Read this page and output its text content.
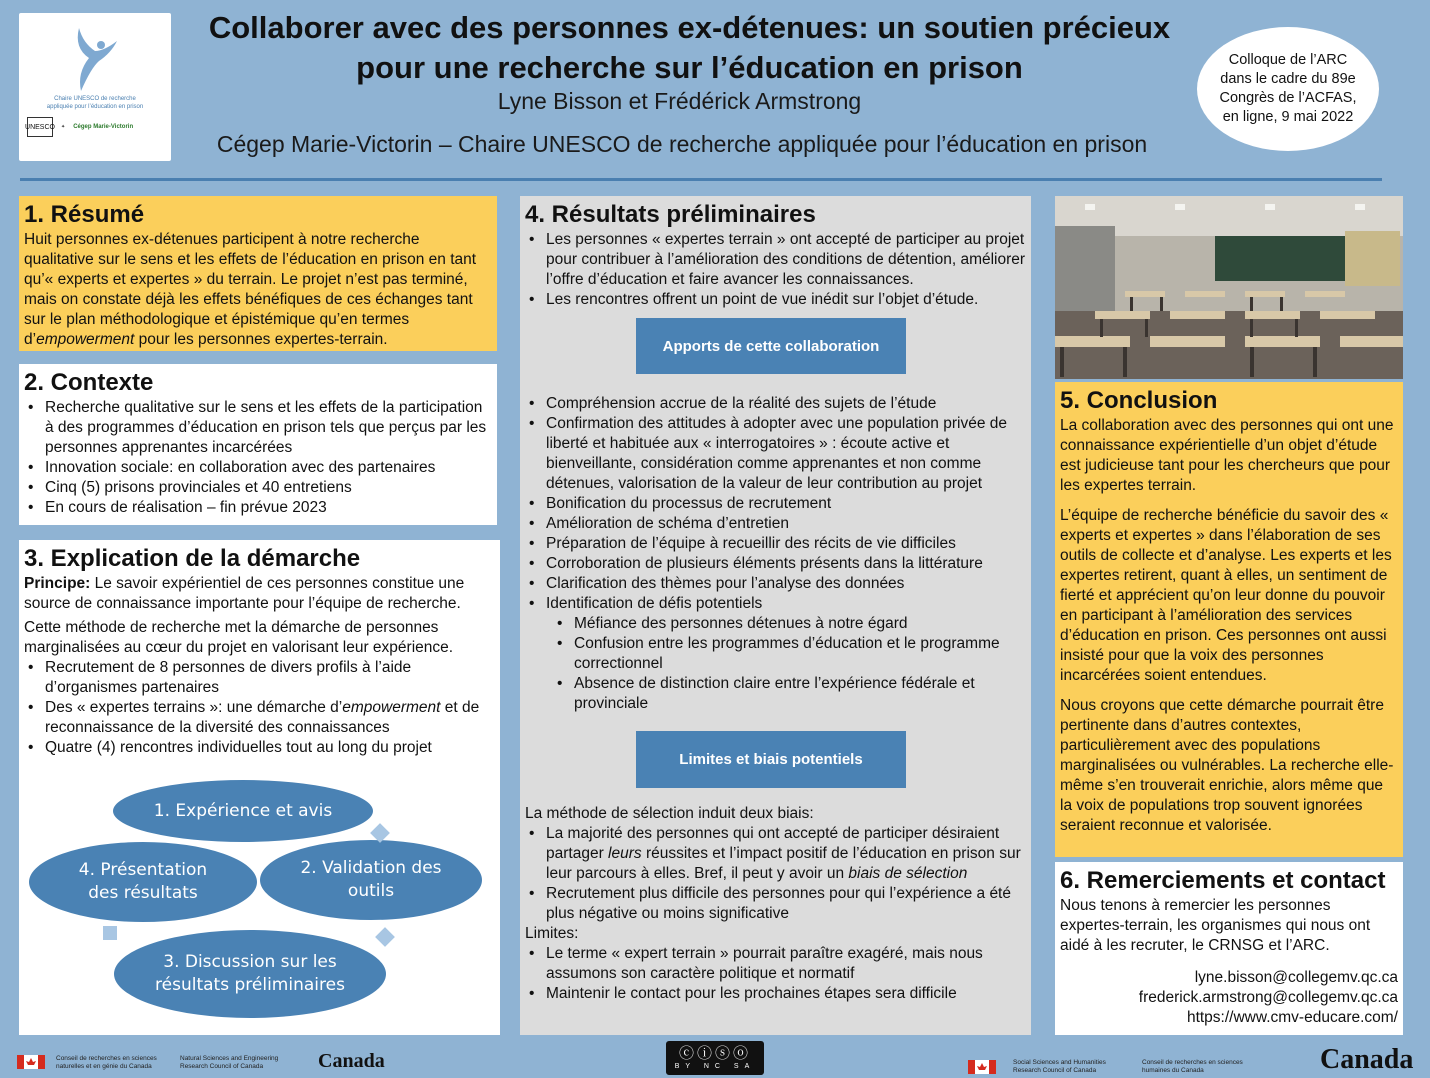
Chaire UNESCO de recherche
appliquée pour l’éducation en prison
UNESCO ✦ Cégep Marie-Victorin
Collaborer avec des personnes ex-détenues: un soutien précieux
pour une recherche sur l’éducation en prison
Lyne Bisson et Frédérick Armstrong
Cégep Marie-Victorin – Chaire UNESCO de recherche appliquée pour l’éducation en prison
Colloque de l’ARC dans le cadre du 89e Congrès de l’ACFAS, en ligne, 9 mai 2022
1. Résumé

Huit personnes ex-détenues participent à notre recherche qualitative sur le sens et les effets de l’éducation en prison en tant qu’« experts et expertes » du terrain. Le projet n’est pas terminé, mais on constate déjà les effets bénéfiques de ces échanges tant sur le plan méthodologique et épistémique qu’en termes d’empowerment pour les personnes expertes-terrain.

2. Contexte
• Recherche qualitative sur le sens et les effets de la participation à des programmes d’éducation en prison tels que perçus par les personnes apprenantes incarcérées
• Innovation sociale: en collaboration avec des partenaires
• Cinq (5) prisons provinciales et 40 entretiens
• En cours de réalisation – fin prévue 2023
3. Explication de la démarche

Principe: Le savoir expérientiel de ces personnes constitue une source de connaissance importante pour l’équipe de recherche.

Cette méthode de recherche met la démarche de personnes marginalisées au cœur du projet en valorisant leur expérience.

• Recrutement de 8 personnes de divers profils à l’aide d’organismes partenaires
• Des « expertes terrains »: une démarche d’empowerment et de reconnaissance de la diversité des connaissances
• Quatre (4) rencontres individuelles tout au long du projet
1. Expérience et avis
2. Validation des outils
3. Discussion sur les résultats préliminaires
4. Présentation des résultats
4. Résultats préliminaires
• Les personnes « expertes terrain » ont accepté de participer au projet pour contribuer à l’amélioration des conditions de détention, améliorer l’offre d’éducation et faire avancer les connaissances.
• Les rencontres offrent un point de vue inédit sur l’objet d’étude.
• Compréhension accrue de la réalité des sujets de l’étude
• Confirmation des attitudes à adopter avec une population privée de liberté et habituée aux « interrogatoires » : écoute active et bienveillante, considération comme apprenantes et non comme détenues, valorisation de la valeur de leur contribution au projet
• Bonification du processus de recrutement
• Amélioration de schéma d’entretien
• Préparation de l’équipe à recueillir des récits de vie difficiles
• Corroboration de plusieurs éléments présents dans la littérature
• Clarification des thèmes pour l’analyse des données
• Identification de défis potentiels
• Méfiance des personnes détenues à notre égard
• Confusion entre les programmes d’éducation et le programme correctionnel
• Absence de distinction claire entre l’expérience fédérale et provinciale

La méthode de sélection induit deux biais:

• La majorité des personnes qui ont accepté de participer désiraient partager leurs réussites et l’impact positif de l’éducation en prison sur leur parcours à elles. Bref, il peut y avoir un biais de sélection
• Recrutement plus difficile des personnes pour qui l’expérience a été plus négative ou moins significative

Limites:

• Le terme « expert terrain » pourrait paraître exagéré, mais nous assumons son caractère politique et normatif
• Maintenir le contact pour les prochaines étapes sera difficile
Apports de cette collaboration
Limites et biais potentiels
5. Conclusion

La collaboration avec des personnes qui ont une connaissance expérientielle d’un objet d’étude est judicieuse tant pour les chercheurs que pour les expertes terrain.

L’équipe de recherche bénéficie du savoir des « experts et expertes » dans l’élaboration de ses outils de collecte et d’analyse. Les experts et les expertes retirent, quant à elles, un sentiment de fierté et apprécient qu’on leur donne du pouvoir en participant à l’amélioration des services d’éducation en prison. Ces personnes ont aussi insisté pour que la voix des personnes incarcérées soient entendues.

Nous croyons que cette démarche pourrait être pertinente dans d’autres contextes, particulièrement avec des populations marginalisées ou vulnérables. La recherche elle-même s’en trouverait enrichie, alors même que la voix de populations trop souvent ignorées seraient reconnue et valorisée.

6. Remerciements et contact

Nous tenons à remercier les personnes expertes-terrain, les organismes qui nous ont aidé à les recruter, le CRNSG et l’ARC.

lyne.bisson@collegemv.qc.ca
frederick.armstrong@collegemv.qc.ca
https://www.cmv-educare.com/
Conseil de recherches en sciences naturelles et en génie du Canada
Natural Sciences and Engineering Research Council of Canada	Canada	ⓒⓘⓢⓞ
BY NC SA
Social Sciences and Humanities Research Council of Canada
Conseil de recherches en sciences humaines du Canada	Canada
